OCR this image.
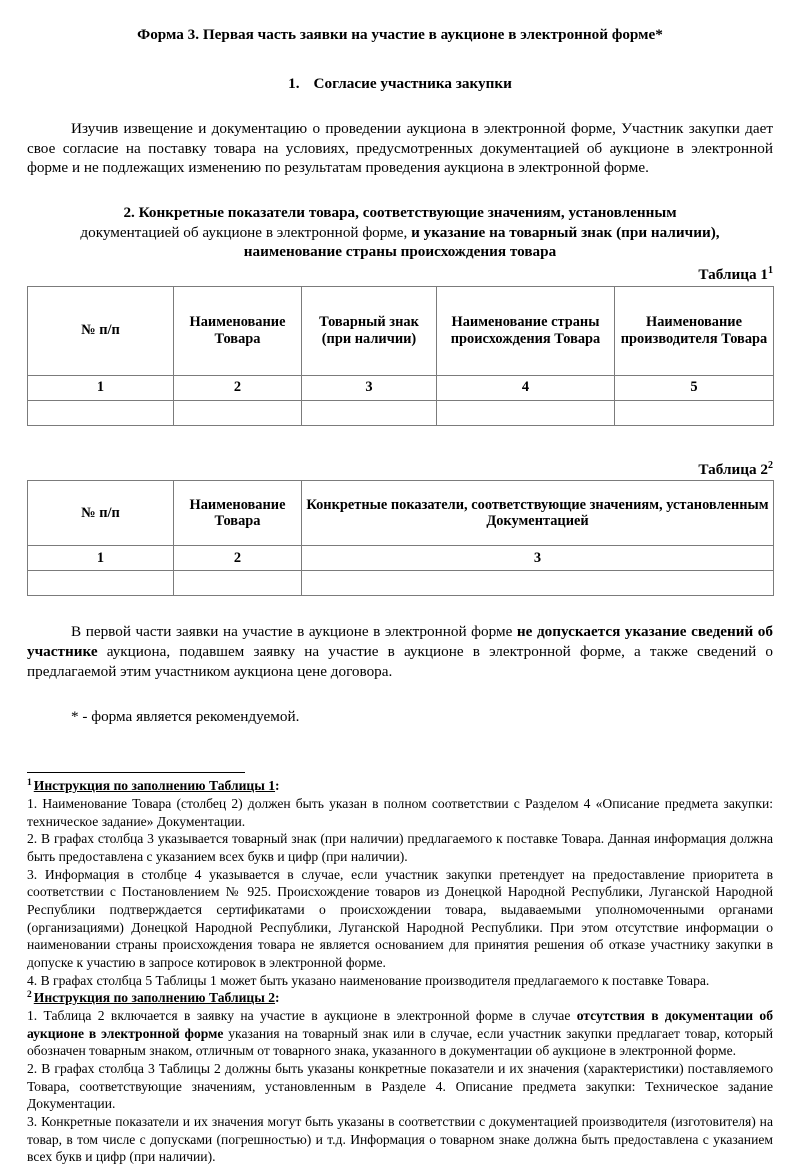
Форма 3. Первая часть заявки на участие в аукционе в электронной форме*
1. Согласие участника закупки

Изучив извещение и документацию о проведении аукциона в электронной форме, Участник закупки дает свое согласие на поставку товара на условиях, предусмотренных документацией об аукционе в электронной форме и не подлежащих изменению по результатам проведения аукциона в электронной форме.

2. Конкретные показатели товара, соответствующие значениям, установленным
документацией об аукционе в электронной форме, и указание на товарный знак (при наличии),
наименование страны происхождения товара
Таблица $1^1$
№ п/п	Наименование Товара	Товарный знак (при наличии)	Наименование страны происхождения Товара	Наименование производителя Товара
1	2	3	4	5

Таблица $2^2$
№ п/п	Наименование Товара	Конкретные показатели, соответствующие значениям, установленным Документацией
1	2	3

В первой части заявки на участие в аукционе в электронной форме не допускается указание сведений об участнике аукциона, подавшем заявку на участие в аукционе в электронной форме, а также сведений о предлагаемой этим участником аукциона цене договора.

* - форма является рекомендуемой.

$^1$ Инструкция по заполнению Таблицы 1:

1. Наименование Товара (столбец 2) должен быть указан в полном соответствии с Разделом 4 «Описание предмета закупки: техническое задание» Документации.

2. В графах столбца 3 указывается товарный знак (при наличии) предлагаемого к поставке Товара. Данная информация должна быть предоставлена с указанием всех букв и цифр (при наличии).

3. Информация в столбце 4 указывается в случае, если участник закупки претендует на предоставление приоритета в соответствии с Постановлением № 925. Происхождение товаров из Донецкой Народной Республики, Луганской Народной Республики подтверждается сертификатами о происхождении товара, выдаваемыми уполномоченными органами (организациями) Донецкой Народной Республики, Луганской Народной Республики. При этом отсутствие информации о наименовании страны происхождения товара не является основанием для принятия решения об отказе участнику закупки в допуске к участию в запросе котировок в электронной форме.

4. В графах столбца 5 Таблицы 1 может быть указано наименование производителя предлагаемого к поставке Товара.

$^2$ Инструкция по заполнению Таблицы 2:

1. Таблица 2 включается в заявку на участие в аукционе в электронной форме в случае отсутствия в документации об аукционе в электронной форме указания на товарный знак или в случае, если участник закупки предлагает товар, который обозначен товарным знаком, отличным от товарного знака, указанного в документации об аукционе в электронной форме.

2. В графах столбца 3 Таблицы 2 должны быть указаны конкретные показатели и их значения (характеристики) поставляемого Товара, соответствующие значениям, установленным в Разделе 4. Описание предмета закупки: Техническое задание Документации.

3. Конкретные показатели и их значения могут быть указаны в соответствии с документацией производителя (изготовителя) на товар, в том числе с допусками (погрешностью) и т.д. Информация о товарном знаке должна быть предоставлена с указанием всех букв и цифр (при наличии).
